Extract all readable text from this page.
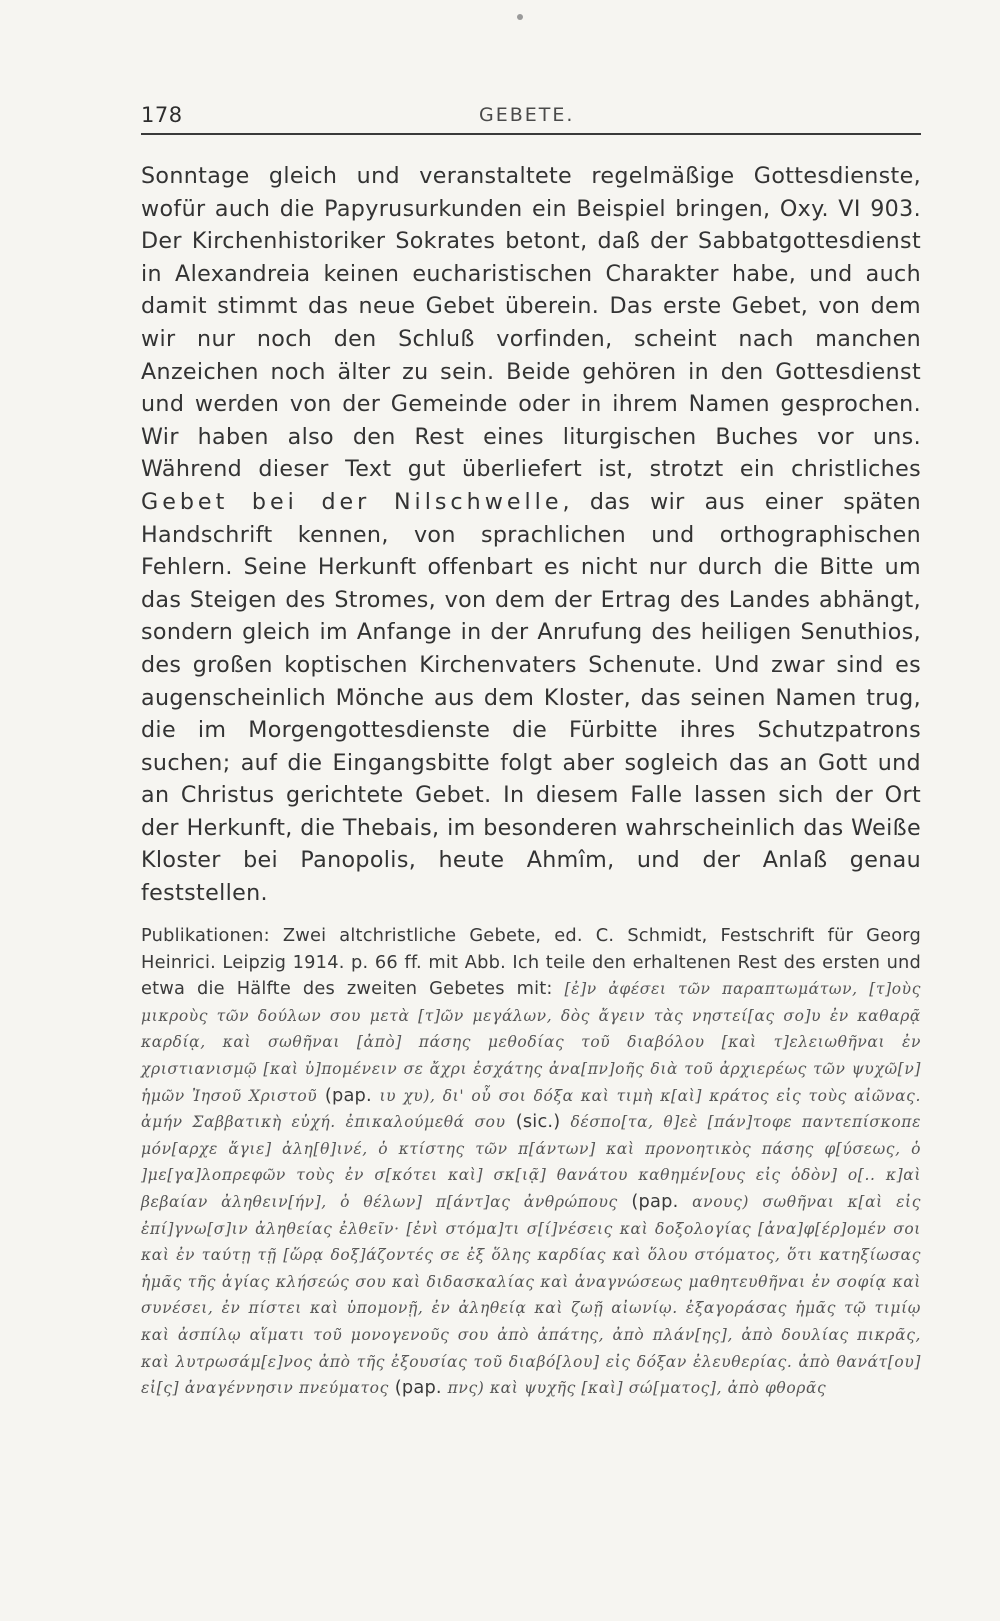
178	GEBETE.
Sonntage gleich und veranstaltete regelmäßige Gottesdienste, wofür auch die Papyrusurkunden ein Beispiel bringen, Oxy. VI 903. Der Kirchenhistoriker Sokrates betont, daß der Sabbatgottesdienst in Alexandreia keinen eucharistischen Charakter habe, und auch damit stimmt das neue Gebet überein. Das erste Gebet, von dem wir nur noch den Schluß vorfinden, scheint nach manchen Anzeichen noch älter zu sein. Beide gehören in den Gottesdienst und werden von der Gemeinde oder in ihrem Namen gesprochen. Wir haben also den Rest eines liturgischen Buches vor uns. Während dieser Text gut überliefert ist, strotzt ein christliches Gebet bei der Nilschwelle, das wir aus einer späten Handschrift kennen, von sprachlichen und orthographischen Fehlern. Seine Herkunft offenbart es nicht nur durch die Bitte um das Steigen des Stromes, von dem der Ertrag des Landes abhängt, sondern gleich im Anfange in der Anrufung des heiligen Senuthios, des großen koptischen Kirchenvaters Schenute. Und zwar sind es augenscheinlich Mönche aus dem Kloster, das seinen Namen trug, die im Morgengottesdienste die Fürbitte ihres Schutzpatrons suchen; auf die Eingangsbitte folgt aber sogleich das an Gott und an Christus gerichtete Gebet. In diesem Falle lassen sich der Ort der Herkunft, die Thebais, im besonderen wahrscheinlich das Weiße Kloster bei Panopolis, heute Ahmîm, und der Anlaß genau feststellen.
Publikationen: Zwei altchristliche Gebete, ed. C. Schmidt, Festschrift für Georg Heinrici. Leipzig 1914. p. 66 ff. mit Abb. Ich teile den erhaltenen Rest des ersten und etwa die Hälfte des zweiten Gebetes mit: [ἐ]ν ἀφέσει τῶν παραπτωμάτων, [τ]οὺς μικροὺς τῶν δούλων σου μετὰ [τ]ῶν μεγάλων, δὸς ἄγειν τὰς νηστεί[ας σο]υ ἐν καθαρᾷ καρδίᾳ, καὶ σωθῆναι [ἀπὸ] πάσης μεθοδίας τοῦ διαβόλου [καὶ τ]ελειωθῆναι ἐν χριστιανισμῷ [καὶ ὑ]πομένειν σε ἄχρι ἐσχάτης ἀνα[πν]οῆς διὰ τοῦ ἀρχιερέως τῶν ψυχῶ[ν] ἡμῶν Ἰησοῦ Χριστοῦ (pap. ιυ χυ), δι' οὗ σοι δόξα καὶ τιμὴ κ[αὶ] κράτος εἰς τοὺς αἰῶνας. ἀμήν Σαββατικὴ εὐχή. ἐπικαλούμεθά σου (sic.) δέσπο[τα, θ]εὲ [πάν]τοφε παντεπίσκοπε μόν[αρχε ἅγιε] ἀλη[θ]ινέ, ὁ κτίστης τῶν π[άντων] καὶ προνοητικὸς πάσης φ[ύσεως, ὁ ]με[γα]λοπρεφῶν τοὺς ἐν σ[κότει καὶ] σκ[ιᾷ] θανάτου καθημέν[ους εἰς ὁδὸν] ο[.. κ]αὶ βεβαίαν ἀληθειν[ήν], ὁ θέλων] π[άντ]ας ἀνθρώπους (pap. ανους) σωθῆναι κ[αὶ εἰς ἐπί]γνω[σ]ιν ἀληθείας ἐλθεῖν· [ἐνὶ στόμα]τι σ[ί]νέσεις καὶ δοξολογίας [ἀνα]φ[έρ]ομέν σοι καὶ ἐν ταύτῃ τῇ [ὥρᾳ δοξ]άζοντές σε ἐξ ὅλης καρδίας καὶ ὅλου στόματος, ὅτι κατηξίωσας ἡμᾶς τῆς ἁγίας κλήσεώς σου καὶ διδασκαλίας καὶ ἀναγνώσεως μαθητευθῆναι ἐν σοφίᾳ καὶ συνέσει, ἐν πίστει καὶ ὑπομονῇ, ἐν ἀληθείᾳ καὶ ζωῇ αἰωνίῳ. ἐξαγοράσας ἡμᾶς τῷ τιμίῳ καὶ ἀσπίλῳ αἵματι τοῦ μονογενοῦς σου ἀπὸ ἀπάτης, ἀπὸ πλάν[ης], ἀπὸ δουλίας πικρᾶς, καὶ λυτρωσάμ[ε]νος ἀπὸ τῆς ἐξουσίας τοῦ διαβό[λου] εἰς δόξαν ἐλευθερίας. ἀπὸ θανάτ[ου] εἰ[ς] ἀναγέννησιν πνεύματος (pap. πνς) καὶ ψυχῆς [καὶ] σώ[ματος], ἀπὸ φθορᾶς
